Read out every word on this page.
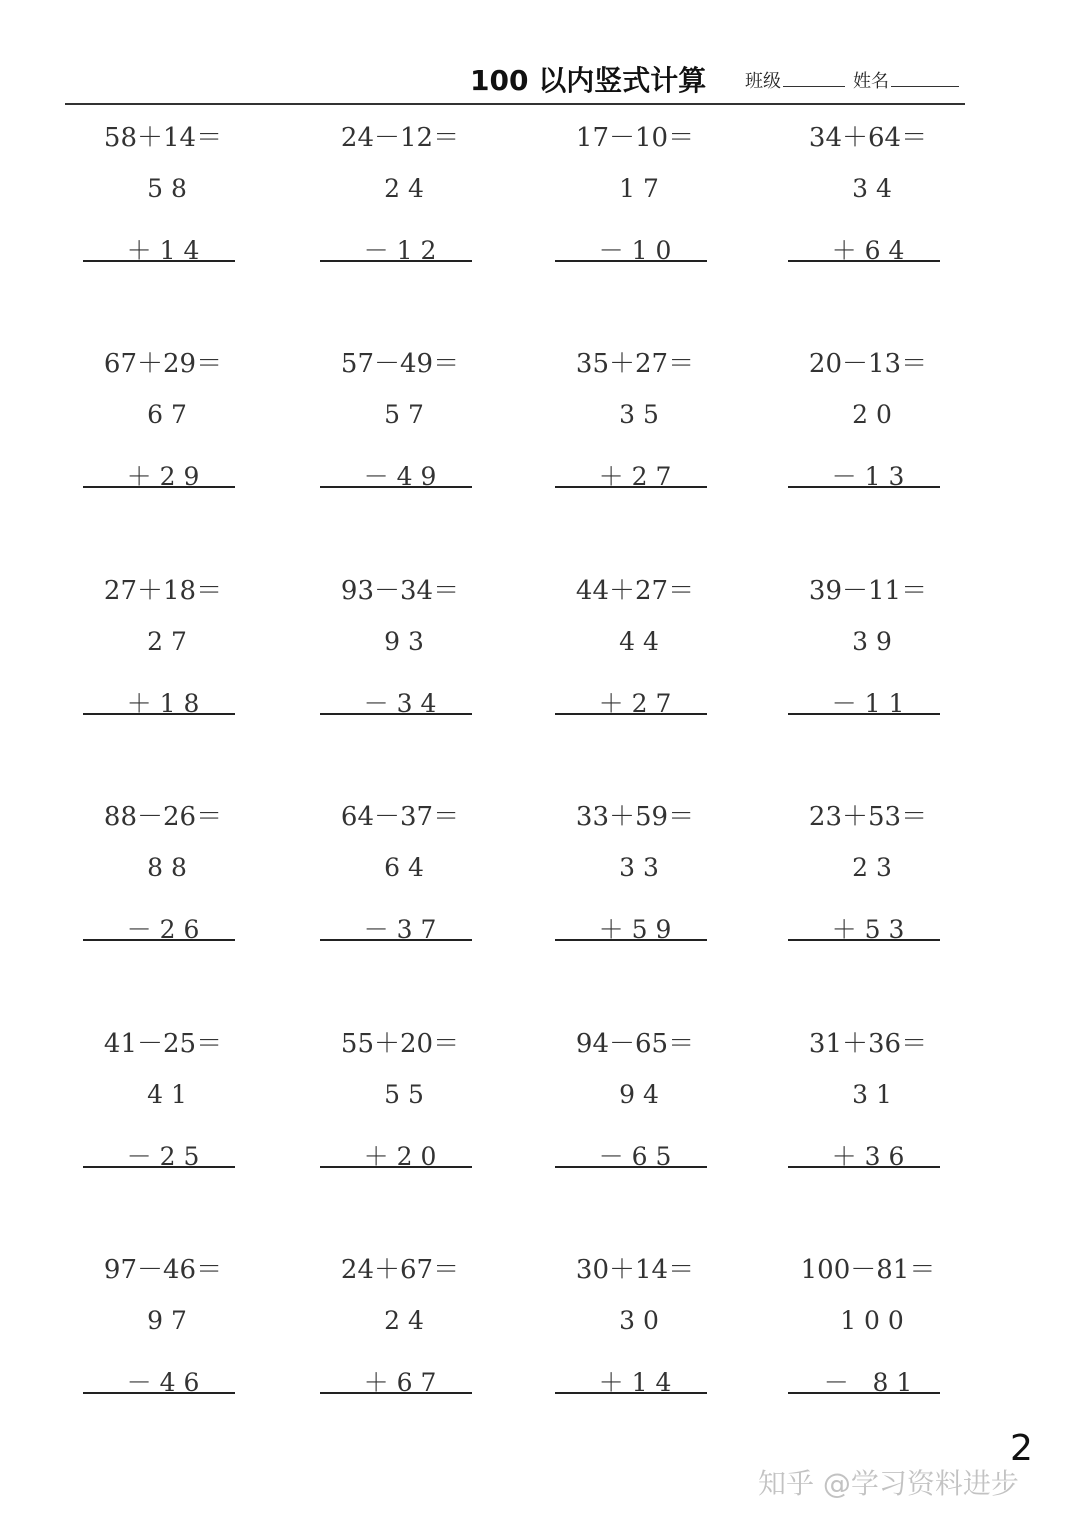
100 以内竖式计算 班级	姓名
58＋14＝
5 8
＋ 1 4
24－12＝
2 4
－ 1 2
17－10＝
1 7
－ 1 0
34＋64＝
3 4
＋ 6 4
67＋29＝
6 7
＋ 2 9
57－49＝
5 7
－ 4 9
35＋27＝
3 5
＋ 2 7
20－13＝
2 0
－ 1 3
27＋18＝
2 7
＋ 1 8
93－34＝
9 3
－ 3 4
44＋27＝
4 4
＋ 2 7
39－11＝
3 9
－ 1 1
88－26＝
8 8
－ 2 6
64－37＝
6 4
－ 3 7
33＋59＝
3 3
＋ 5 9
23＋53＝
2 3
＋ 5 3
41－25＝
4 1
－ 2 5
55＋20＝
5 5
＋ 2 0
94－65＝
9 4
－ 6 5
31＋36＝
3 1
＋ 3 6
97－46＝
9 7
－ 4 6
24＋67＝
2 4
＋ 6 7
30＋14＝
3 0
＋ 1 4
100－81＝
1 0 0
－   8 1
2
知乎 @学习资料进步
